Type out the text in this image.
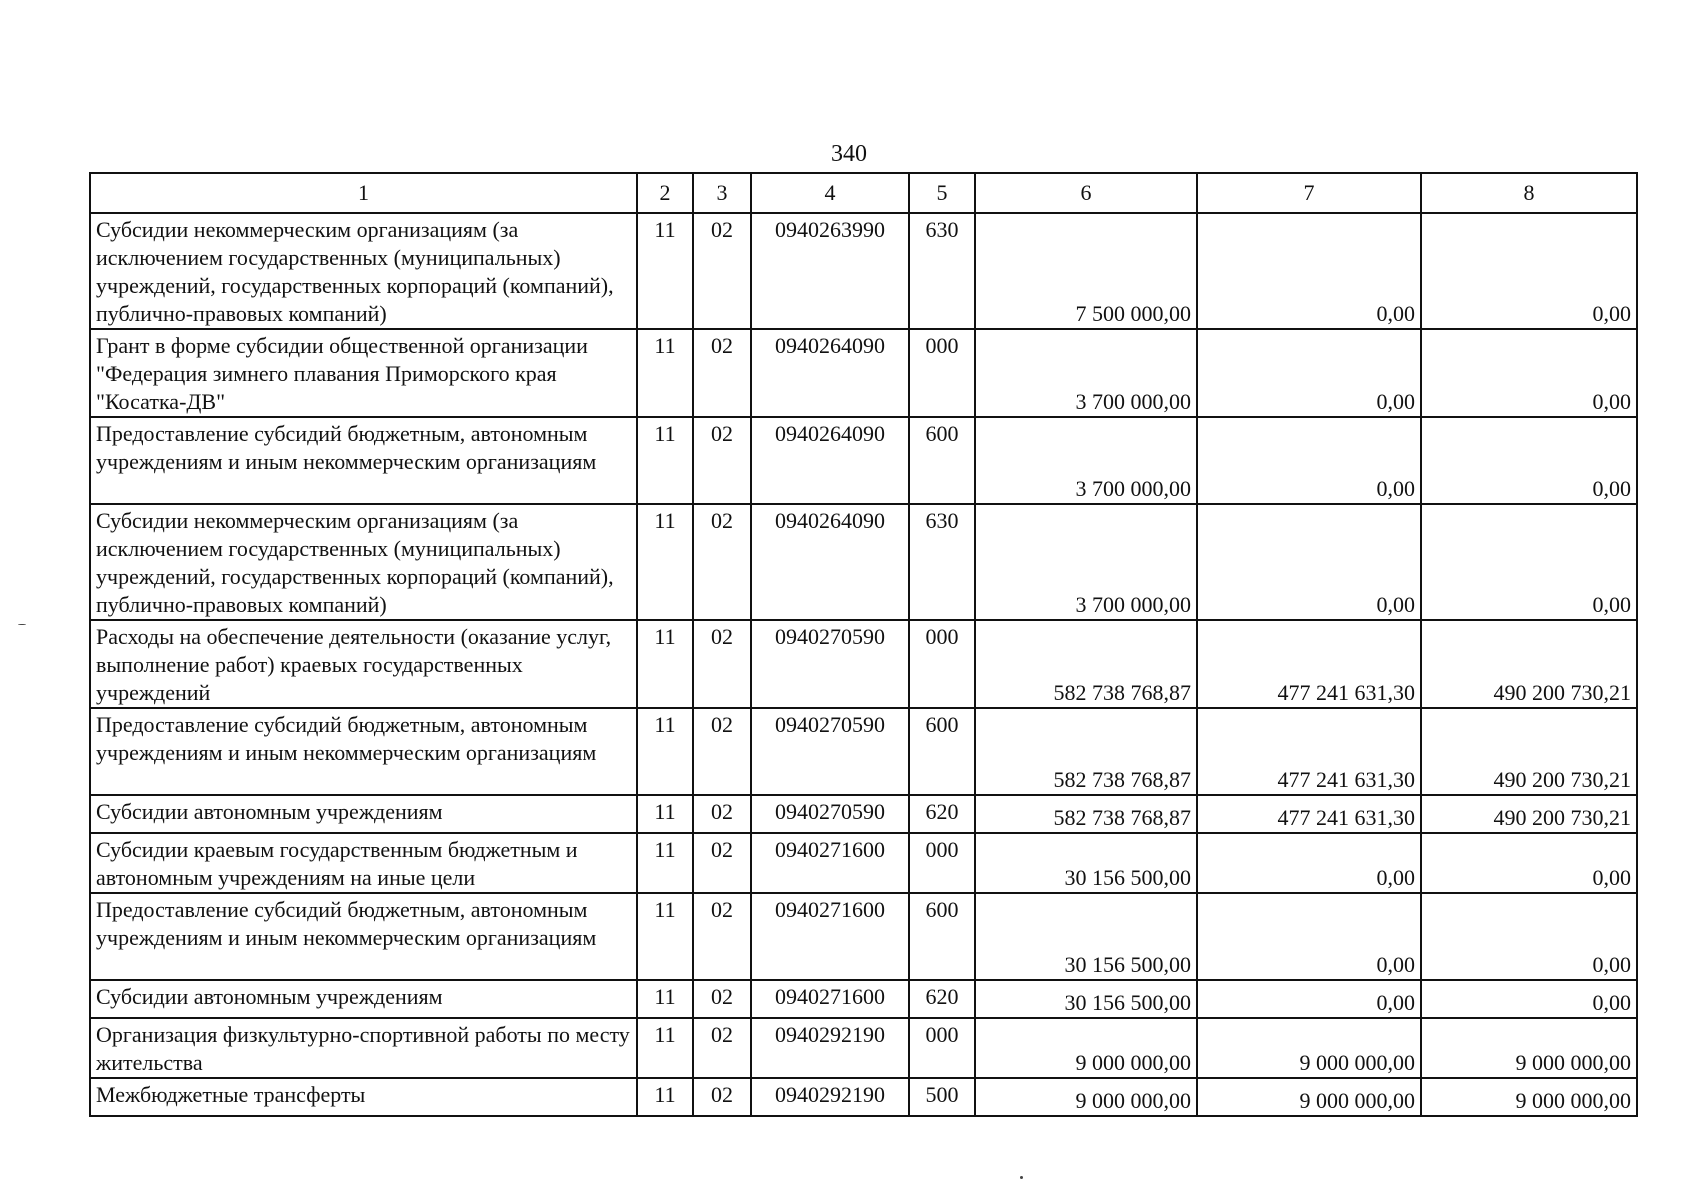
340
1	2	3	4	5	6	7	8
Субсидии некоммерческим организациям (за исключением государственных (муниципальных) учреждений, государственных корпораций (компаний), публично-правовых компаний)	11	02	0940263990	630	7 500 000,00	0,00	0,00
Грант в форме субсидии общественной организации "Федерация зимнего плавания Приморского края "Косатка-ДВ"	11	02	0940264090	000	3 700 000,00	0,00	0,00
Предоставление субсидий бюджетным, автономным учреждениям и иным некоммерческим организациям	11	02	0940264090	600	3 700 000,00	0,00	0,00
Субсидии некоммерческим организациям (за исключением государственных (муниципальных) учреждений, государственных корпораций (компаний), публично-правовых компаний)	11	02	0940264090	630	3 700 000,00	0,00	0,00
Расходы на обеспечение деятельности (оказание услуг, выполнение работ) краевых государственных учреждений	11	02	0940270590	000	582 738 768,87	477 241 631,30	490 200 730,21
Предоставление субсидий бюджетным, автономным учреждениям и иным некоммерческим организациям	11	02	0940270590	600	582 738 768,87	477 241 631,30	490 200 730,21
Субсидии автономным учреждениям	11	02	0940270590	620	582 738 768,87	477 241 631,30	490 200 730,21
Субсидии краевым государственным бюджетным и автономным учреждениям на иные цели	11	02	0940271600	000	30 156 500,00	0,00	0,00
Предоставление субсидий бюджетным, автономным учреждениям и иным некоммерческим организациям	11	02	0940271600	600	30 156 500,00	0,00	0,00
Субсидии автономным учреждениям	11	02	0940271600	620	30 156 500,00	0,00	0,00
Организация физкультурно-спортивной работы по месту жительства	11	02	0940292190	000	9 000 000,00	9 000 000,00	9 000 000,00
Межбюджетные трансферты	11	02	0940292190	500	9 000 000,00	9 000 000,00	9 000 000,00
